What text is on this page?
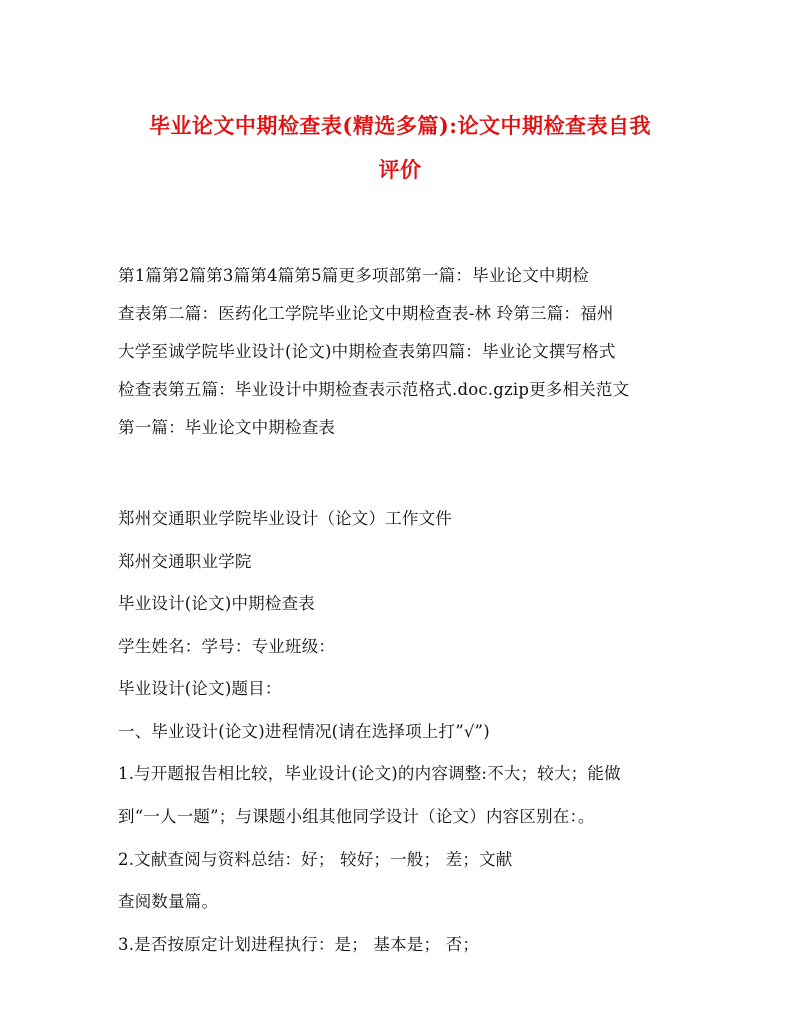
毕业论文中期检查表(精选多篇):论文中期检查表自我
评价
第1篇第2篇第3篇第4篇第5篇更多项部第一篇：毕业论文中期检
查表第二篇：医药化工学院毕业论文中期检查表-林 玲第三篇：福州
大学至诚学院毕业设计(论文)中期检查表第四篇：毕业论文撰写格式
检查表第五篇：毕业设计中期检查表示范格式.doc.gzip更多相关范文
第一篇：毕业论文中期检查表
郑州交通职业学院毕业设计（论文）工作文件
郑州交通职业学院
毕业设计(论文)中期检查表
学生姓名：学号：专业班级：
毕业设计(论文)题目：
一、毕业设计(论文)进程情况(请在选择项上打”√”)
1.与开题报告相比较，毕业设计(论文)的内容调整:不大；较大；能做
到“一人一题”；与课题小组其他同学设计（论文）内容区别在：。
2.文献查阅与资料总结：好； 较好；一般； 差；文献
查阅数量篇。
3.是否按原定计划进程执行：是； 基本是； 否；
